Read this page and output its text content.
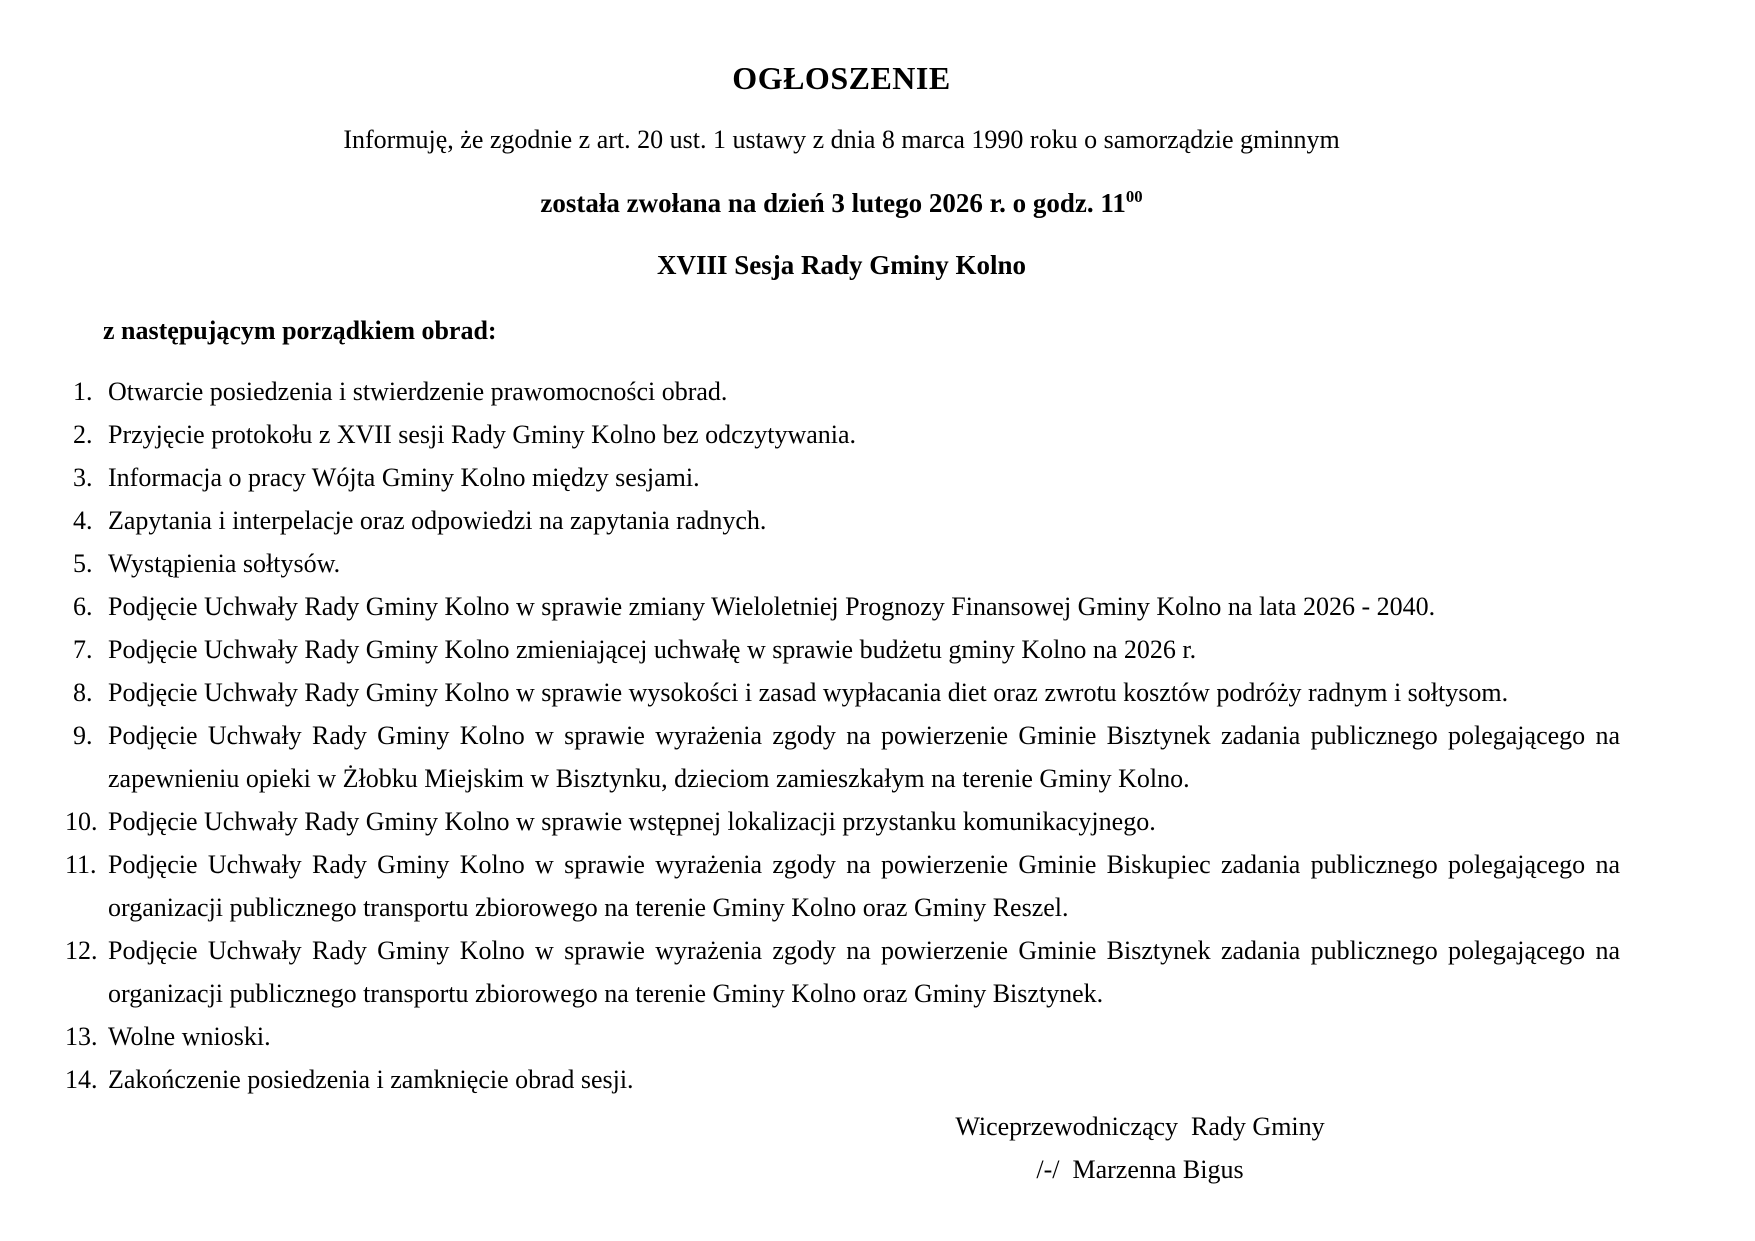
OGŁOSZENIE

Informuję, że zgodnie z art. 20 ust. 1 ustawy z dnia 8 marca 1990 roku o samorządzie gminnym

została zwołana na dzień 3 lutego 2026 r. o godz. $11^{00}$

XVIII Sesja Rady Gminy Kolno

z następującym porządkiem obrad:

Otwarcie posiedzenia i stwierdzenie prawomocności obrad.
Przyjęcie protokołu z XVII sesji Rady Gminy Kolno bez odczytywania.
Informacja o pracy Wójta Gminy Kolno między sesjami.
Zapytania i interpelacje oraz odpowiedzi na zapytania radnych.
Wystąpienia sołtysów.
Podjęcie Uchwały Rady Gminy Kolno w sprawie zmiany Wieloletniej Prognozy Finansowej Gminy Kolno na lata 2026 - 2040.
Podjęcie Uchwały Rady Gminy Kolno zmieniającej uchwałę w sprawie budżetu gminy Kolno na 2026 r.
Podjęcie Uchwały Rady Gminy Kolno w sprawie wysokości i zasad wypłacania diet oraz zwrotu kosztów podróży radnym i sołtysom.
Podjęcie Uchwały Rady Gminy Kolno w sprawie wyrażenia zgody na powierzenie Gminie Bisztynek zadania publicznego polegającego na zapewnieniu opieki w Żłobku Miejskim w Bisztynku, dzieciom zamieszkałym na terenie Gminy Kolno.
Podjęcie Uchwały Rady Gminy Kolno w sprawie wstępnej lokalizacji przystanku komunikacyjnego.
Podjęcie Uchwały Rady Gminy Kolno w sprawie wyrażenia zgody na powierzenie Gminie Biskupiec zadania publicznego polegającego na organizacji publicznego transportu zbiorowego na terenie Gminy Kolno oraz Gminy Reszel.
Podjęcie Uchwały Rady Gminy Kolno w sprawie wyrażenia zgody na powierzenie Gminie Bisztynek zadania publicznego polegającego na organizacji publicznego transportu zbiorowego na terenie Gminy Kolno oraz Gminy Bisztynek.
Wolne wnioski.
Zakończenie posiedzenia i zamknięcie obrad sesji.
Wiceprzewodniczący  Rady Gminy
/-/  Marzenna Bigus
